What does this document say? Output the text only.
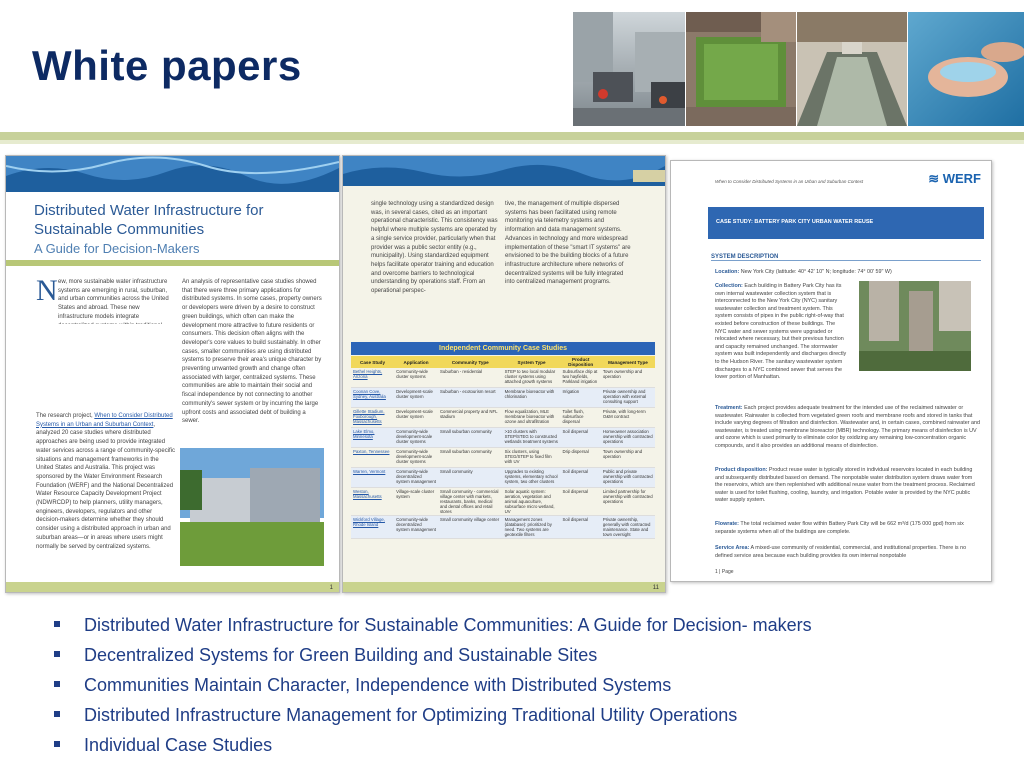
White papers
Distributed Water Infrastructure for Sustainable Communities
A Guide for Decision-Makers
N ew, more sustainable water infrastructure systems are emerging in rural, suburban, and urban communities across the United States and abroad. These new infrastructure models integrate
The research project, When to Consider Distributed Systems in an Urban and Suburban Context, analyzed 20 case studies where distributed approaches are being used to provide integrated water services across a range of community-specific situations and management frameworks in the United States and Australia. This project was sponsored by the Water Environment Research Foundation (WERF) and the National Decentralized Water Resource Capacity Development Project (NDWRCDP) to help planners, utility managers, engineers, developers, regulators and other decision-makers determine whether they should consider using a distributed approach in urban and suburban areas—or in areas where users might normally be served by centralized systems.
An analysis of representative case studies showed that there were three primary applications for distributed systems. In some cases, property owners or developers were driven by a desire to construct green buildings, which often can make the development more attractive to future residents or consumers. This decision often aligns with the developer's core values to build sustainably. In other cases, smaller communities are using distributed systems to preserve their area's unique character by preventing unwanted growth and change often associated with larger, centralized systems. These communities are able to maintain their social and fiscal independence by not connecting to another community's sewer system or by incurring the large upfront costs and associated debt of building a sewer.
1
single technology using a standardized design was, in several cases, cited as an important operational characteristic. This consistency was helpful where multiple systems are operated by a single service provider, particularly when that provider was a public sector entity (e.g., municipality). Using standardized equipment helps facilitate operator training and education and overcome barriers to technological understanding by operations staff. From an operational perspec-
tive, the management of multiple dispersed systems has been facilitated using remote monitoring via telemetry systems and information and data management systems. Advances in technology and more widespread implementation of these "smart IT systems" are envisioned to be the building blocks of a future infrastructure architecture where networks of decentralized systems will be fully integrated into centralized management programs.
Independent Community Case Studies
Case Study	Application	Community Type	System Type	Product Disposition	Management Type
Bethel Heights, Arizona	Community-wide cluster systems	Suburban - residential	STEP to two local modular cluster systems using attached growth systems	Subsurface drip at two hayfields, Parkland irrigation	Town ownership and operation
Coonan Cove, Sydney, Australia	Development-scale cluster system	Suburban - ecotourism resort	Membrane bioreactor with chlorination	Irrigation	Private ownership and operation with external consulting support
Gillette Stadium, Foxborough, Massachusetts	Development-scale cluster system	Commercial property and NFL stadium	Flow equalization, MLE membrane bioreactor with ozone and ultrafiltration	Toilet flush, subsurface dispersal	Private, with long-term O&M contract
Lake Elmo, Minnesota	Community-wide development-scale cluster systems	Small suburban community	>10 clusters with STEP/STEG to constructed wetlands treatment systems	Soil dispersal	Homeowner association ownership with contracted operations
Paxton, Tennessee	Community-wide development-scale cluster systems	Small suburban community	Six clusters, using STEG/STEP to fixed film with UV	Drip dispersal	Town ownership and operation
Warren, Vermont	Community-wide decentralized system management	Small community	Upgrades to existing systems, elementary school system, two other clusters	Soil dispersal	Public and private ownership with contracted operations
Weston, Massachusetts	Village-scale cluster system	Small community - commercial village center with markets, restaurants, banks, medical and dental offices and retail stores	Solar aquatic system: aeration, vegetation and animal aquaculture, subsurface micro wetland, UV	Soil dispersal	Limited partnership for ownership with contracted operations
Wickford Village, Rhode Island	Community-wide decentralized system management	Small community village center	Management zones (database): prioritized by need. Two systems are geotextile filters	Soil dispersal	Private ownership, generally with contracted maintenance. State and town oversight
11
When to Consider Distributed Systems in an Urban and Suburban Context	≋ WERF
CASE STUDY: BATTERY PARK CITY URBAN WATER REUSE
SYSTEM DESCRIPTION
Location: New York City (latitude: 40° 42' 10" N; longitude: 74° 00' 59" W)
Collection: Each building in Battery Park City has its own internal wastewater collection system that is interconnected to the New York City (NYC) sanitary wastewater collection and treatment system. This system consists of pipes in the public right-of-way that existed before construction of these buildings. The NYC water and sewer systems were upgraded or relocated where necessary, but their previous function and capacity remained unchanged. The stormwater system was built independently and discharges directly to the Hudson River. The sanitary wastewater system discharges to a NYC combined sewer that serves the lower portion of Manhattan.
Treatment: Each project provides adequate treatment for the intended use of the reclaimed rainwater or wastewater. Rainwater is collected from vegetated green roofs and membrane roofs and stored in tanks that include varying degrees of filtration and disinfection. Wastewater and, in certain cases, combined rainwater and wastewater, is treated using membrane bioreactor (MBR) technology. The primary means of disinfection is UV and ozone which is used primarily to eliminate color by oxidizing any remaining low-concentration organic compounds, and it also provides an additional means of disinfection.
Product disposition: Product reuse water is typically stored in individual reservoirs located in each building and subsequently distributed based on demand. The nonpotable water distribution system draws water from the reservoirs, which are then replenished with additional reuse water from the treatment process. Reclaimed water is used for toilet flushing, cooling, laundry, and irrigation. Potable water is provided by the NYC public water supply system.
Flowrate: The total reclaimed water flow within Battery Park City will be 662 m³/d (175 000 gpd) from six separate systems when all of the buildings are complete.
Service Area: A mixed-use community of residential, commercial, and institutional properties. There is no defined service area because each building provides its own internal nonpotable
1 | Page
Distributed Water Infrastructure for Sustainable Communities: A Guide for Decision- makers
Decentralized Systems for Green Building and Sustainable Sites
Communities Maintain Character, Independence with Distributed Systems
Distributed Infrastructure Management for Optimizing Traditional Utility Operations
Individual Case Studies
